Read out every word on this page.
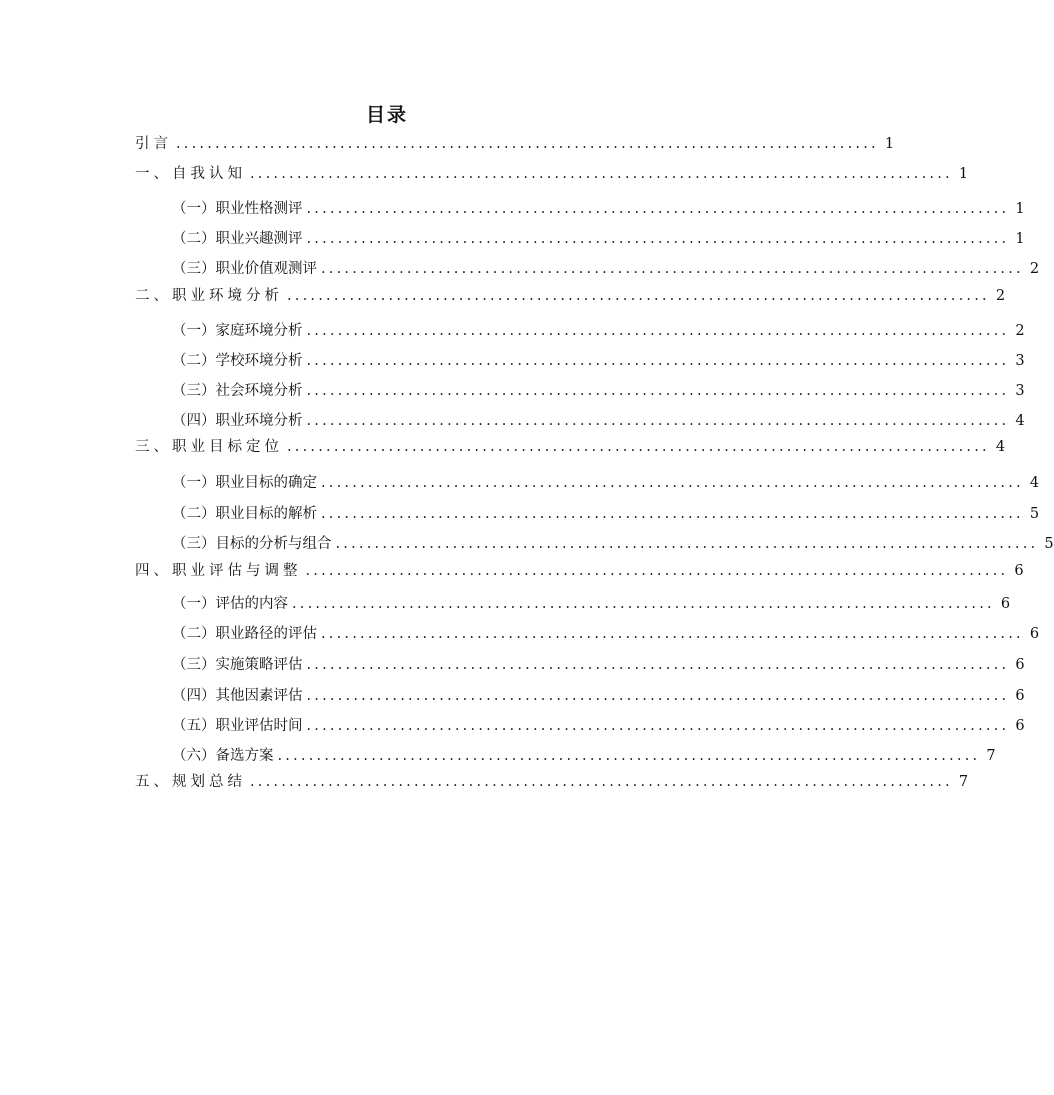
目录
引言 .......................................................................................... 1
一、自我认知 .......................................................................................... 1
（一）职业性格测评 .......................................................................................... 1
（二）职业兴趣测评 .......................................................................................... 1
（三）职业价值观测评 .......................................................................................... 2
二、职业环境分析 .......................................................................................... 2
（一）家庭环境分析 .......................................................................................... 2
（二）学校环境分析 .......................................................................................... 3
（三）社会环境分析 .......................................................................................... 3
（四）职业环境分析 .......................................................................................... 4
三、职业目标定位 .......................................................................................... 4
（一）职业目标的确定 .......................................................................................... 4
（二）职业目标的解析 .......................................................................................... 5
（三）目标的分析与组合 .......................................................................................... 5
四、职业评估与调整 .......................................................................................... 6
（一）评估的内容 .......................................................................................... 6
（二）职业路径的评估 .......................................................................................... 6
（三）实施策略评估 .......................................................................................... 6
（四）其他因素评估 .......................................................................................... 6
（五）职业评估时间 .......................................................................................... 6
（六）备选方案 .......................................................................................... 7
五、规划总结 .......................................................................................... 7
